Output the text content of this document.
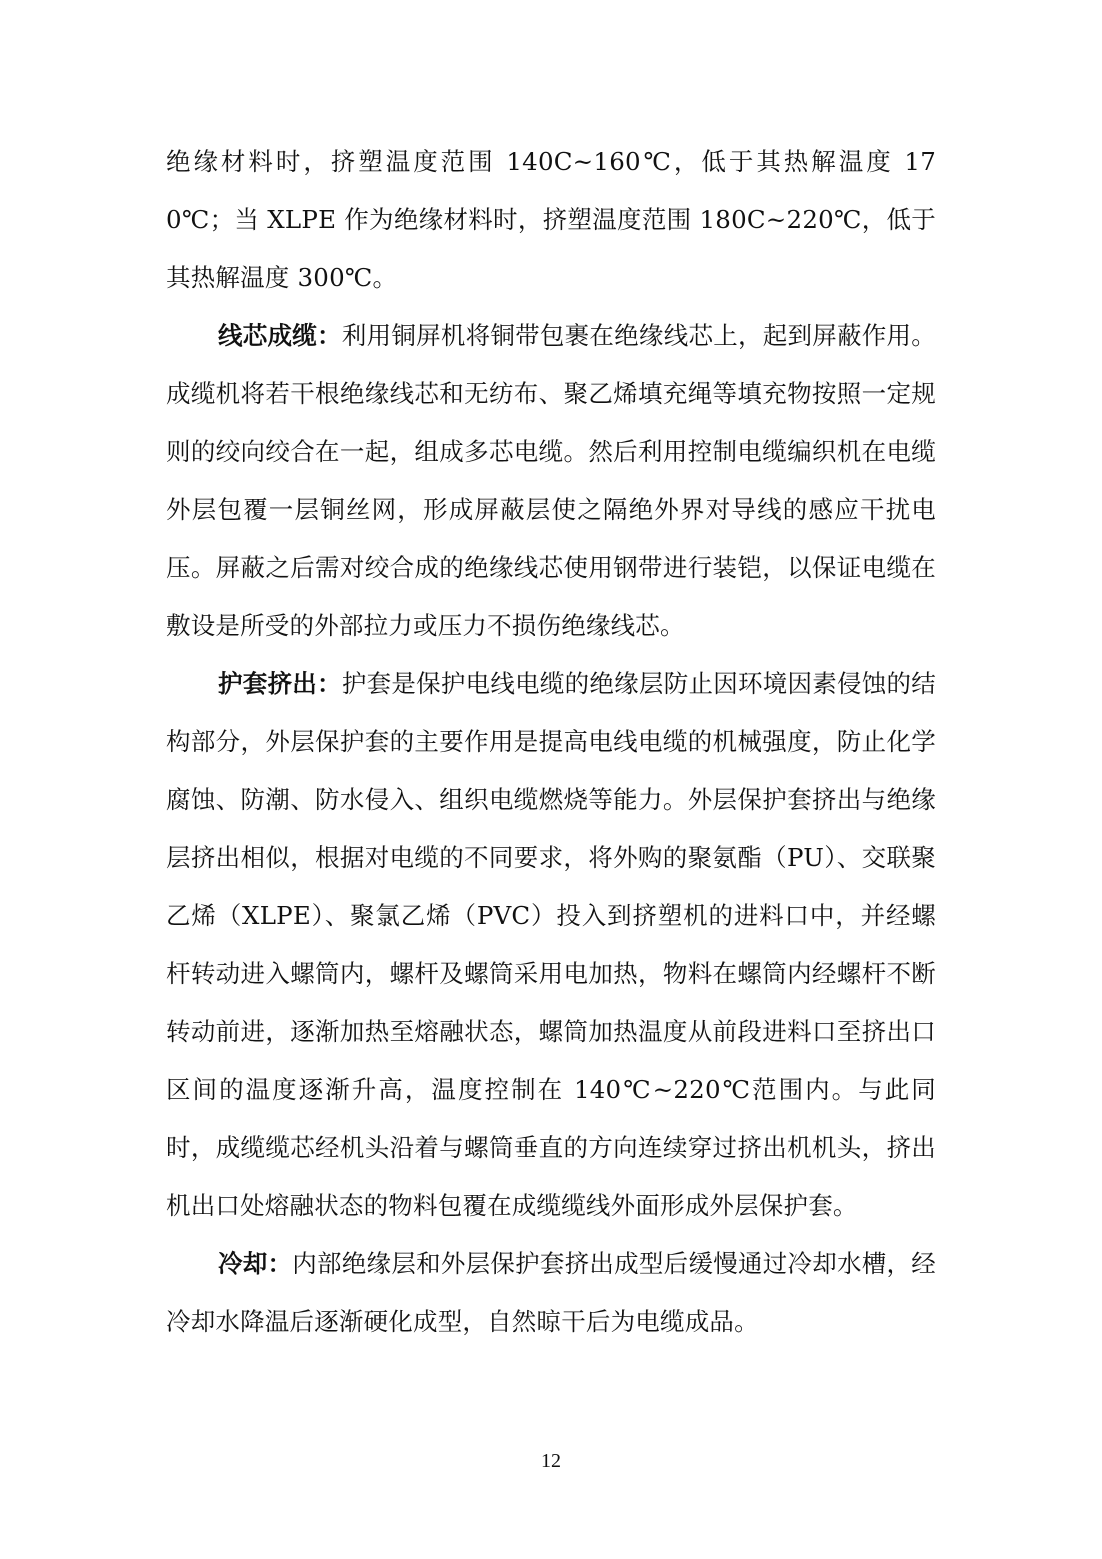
绝缘材料时，挤塑温度范围 140C~160℃，低于其热解温度 170℃；当 XLPE 作为绝缘材料时，挤塑温度范围 180C~220℃，低于其热解温度 300℃。

线芯成缆：利用铜屏机将铜带包裹在绝缘线芯上，起到屏蔽作用。成缆机将若干根绝缘线芯和无纺布、聚乙烯填充绳等填充物按照一定规则的绞向绞合在一起，组成多芯电缆。然后利用控制电缆编织机在电缆外层包覆一层铜丝网，形成屏蔽层使之隔绝外界对导线的感应干扰电压。屏蔽之后需对绞合成的绝缘线芯使用钢带进行装铠，以保证电缆在敷设是所受的外部拉力或压力不损伤绝缘线芯。

护套挤出：护套是保护电线电缆的绝缘层防止因环境因素侵蚀的结构部分，外层保护套的主要作用是提高电线电缆的机械强度，防止化学腐蚀、防潮、防水侵入、组织电缆燃烧等能力。外层保护套挤出与绝缘层挤出相似，根据对电缆的不同要求，将外购的聚氨酯（PU）、交联聚乙烯（XLPE）、聚氯乙烯（PVC）投入到挤塑机的进料口中，并经螺杆转动进入螺筒内，螺杆及螺筒采用电加热，物料在螺筒内经螺杆不断转动前进，逐渐加热至熔融状态，螺筒加热温度从前段进料口至挤出口区间的温度逐渐升高，温度控制在 140℃~220℃范围内。与此同时，成缆缆芯经机头沿着与螺筒垂直的方向连续穿过挤出机机头，挤出机出口处熔融状态的物料包覆在成缆缆线外面形成外层保护套。

冷却：内部绝缘层和外层保护套挤出成型后缓慢通过冷却水槽，经冷却水降温后逐渐硬化成型，自然晾干后为电缆成品。

12
